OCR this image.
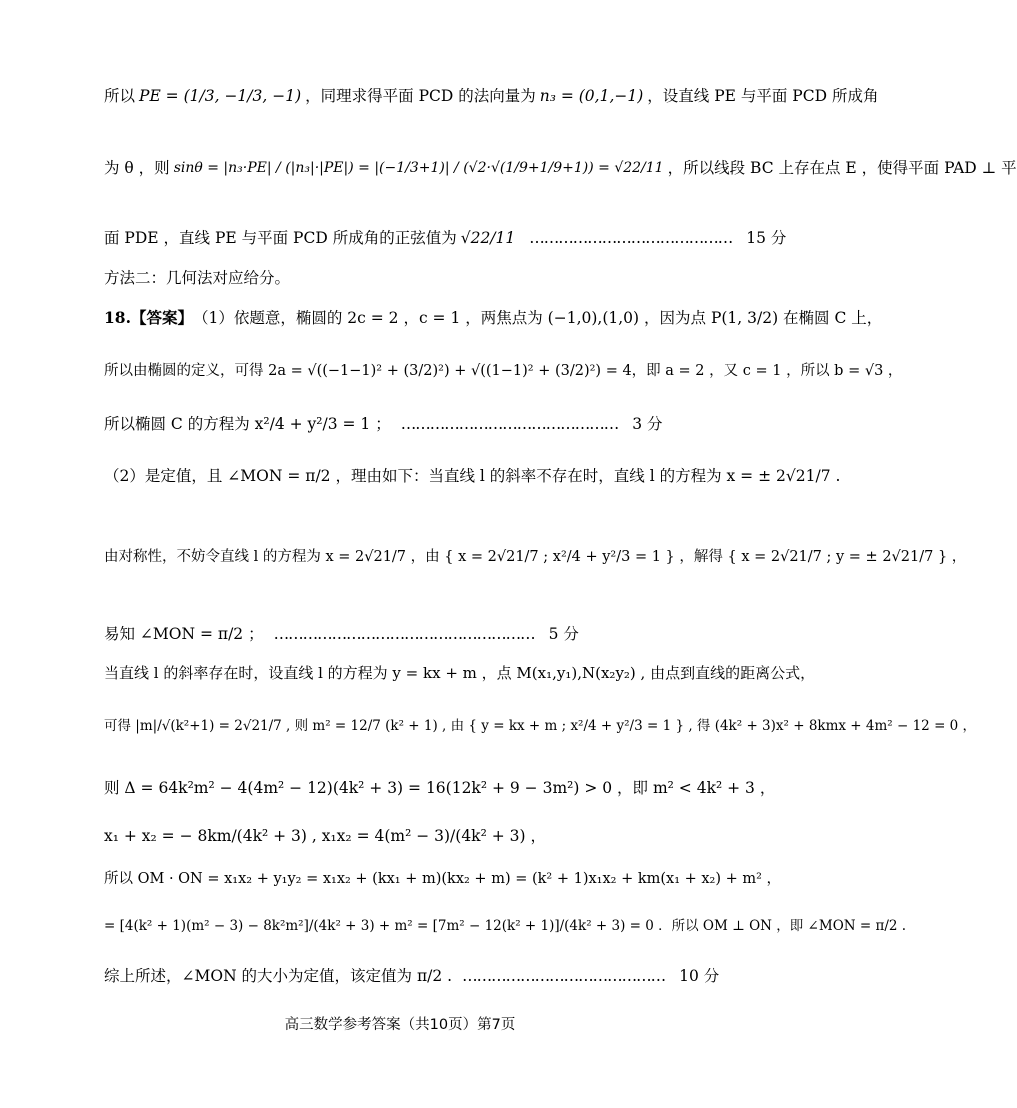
所以 PE = (1/3, −1/3, −1) ，同理求得平面 PCD 的法向量为 n₃ = (0,1,−1) ，设直线 PE 与平面 PCD 所成角
为 θ ，则 sinθ = |n₃·PE| / (|n₃|·|PE|) = |(−1/3+1)| / (√2·√(1/9+1/9+1)) = √22/11 ，所以线段 BC 上存在点 E ，使得平面 PAD ⊥ 平
面 PDE ，直线 PE 与平面 PCD 所成角的正弦值为 √22/11 …………………………………… 15 分
方法二：几何法对应给分。
18. 【答案】 （1）依题意，椭圆的 2c = 2 ，c = 1 ，两焦点为 (−1,0),(1,0) ，因为点 P(1, 3/2) 在椭圆 C 上，
所以由椭圆的定义，可得 2a = √((−1−1)² + (3/2)²) + √((1−1)² + (3/2)²) = 4，即 a = 2 ，又 c = 1 ，所以 b = √3 ，
所以椭圆 C 的方程为 x²/4 + y²/3 = 1 ； ……………………………………… 3 分
（2）是定值，且 ∠MON = π/2 ，理由如下：当直线 l 的斜率不存在时，直线 l 的方程为 x = ± 2√21/7 .
由对称性，不妨令直线 l 的方程为 x = 2√21/7 ，由 { x = 2√21/7 ; x²/4 + y²/3 = 1 } ，解得 { x = 2√21/7 ; y = ± 2√21/7 } ，
易知 ∠MON = π/2 ； ……………………………………………… 5 分
当直线 l 的斜率存在时，设直线 l 的方程为 y = kx + m ，点 M(x₁,y₁),N(x₂y₂) , 由点到直线的距离公式，
可得 |m|/√(k²+1) = 2√21/7 , 则 m² = 12/7 (k² + 1) , 由 { y = kx + m ; x²/4 + y²/3 = 1 } , 得 (4k² + 3)x² + 8kmx + 4m² − 12 = 0 ，
则 Δ = 64k²m² − 4(4m² − 12)(4k² + 3) = 16(12k² + 9 − 3m²) > 0 ，即 m² < 4k² + 3 ，
x₁ + x₂ = − 8km/(4k² + 3) , x₁x₂ = 4(m² − 3)/(4k² + 3) ，
所以 OM · ON = x₁x₂ + y₁y₂ = x₁x₂ + (kx₁ + m)(kx₂ + m) = (k² + 1)x₁x₂ + km(x₁ + x₂) + m² ，
= [4(k² + 1)(m² − 3) − 8k²m²]/(4k² + 3) + m² = [7m² − 12(k² + 1)]/(4k² + 3) = 0 ．所以 OM ⊥ ON ，即 ∠MON = π/2 .
综上所述，∠MON 的大小为定值，该定值为 π/2 . …………………………………… 10 分
高三数学参考答案（共10页）第7页
